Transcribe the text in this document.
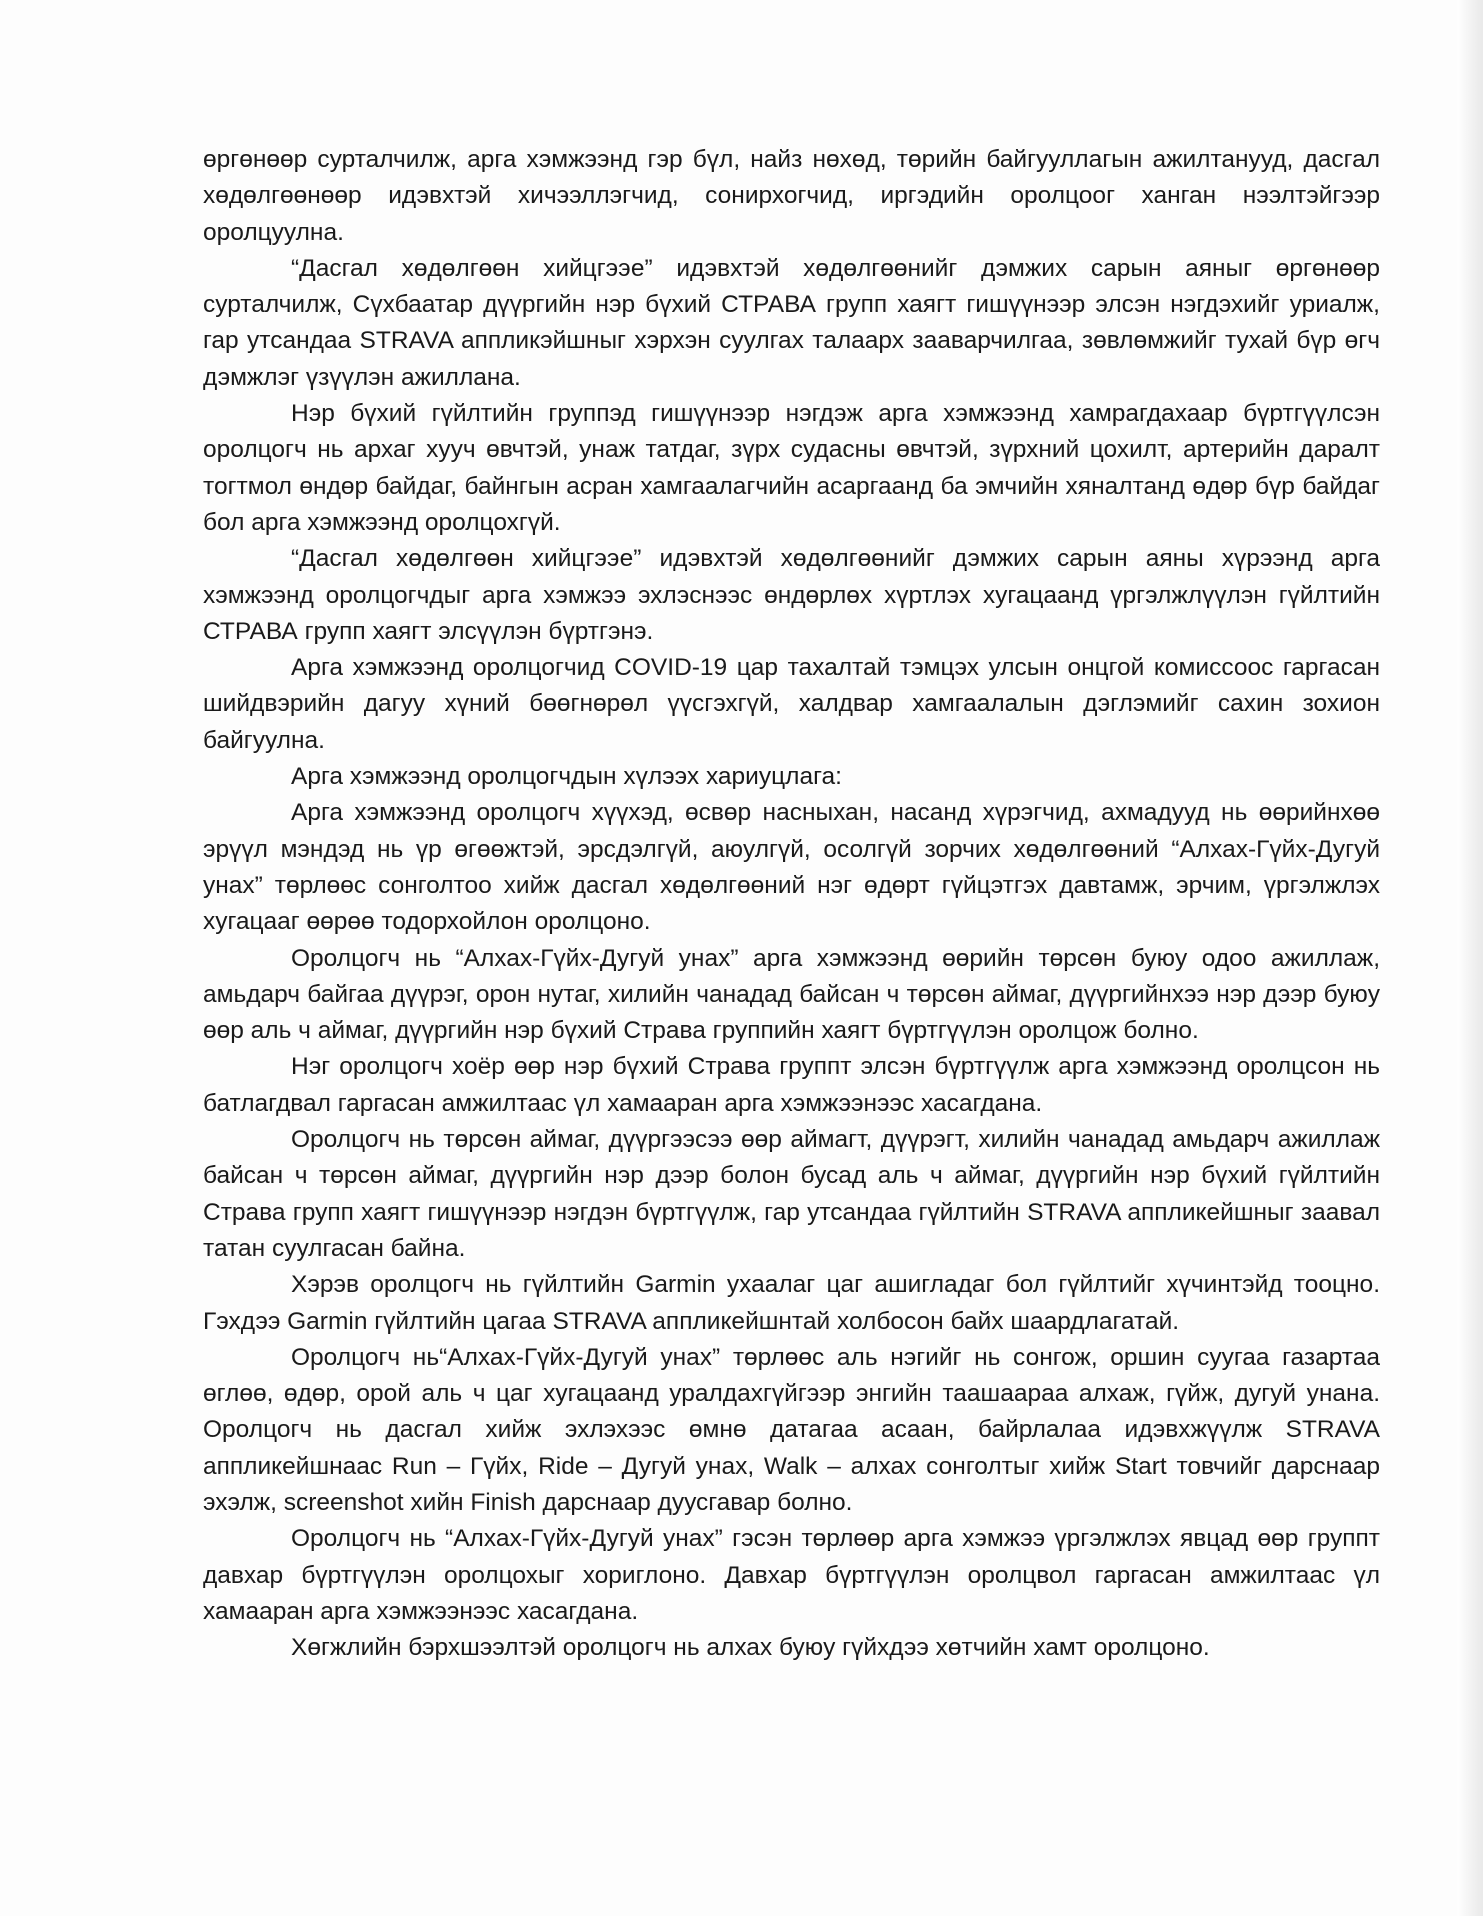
өргөнөөр сурталчилж, арга хэмжээнд гэр бүл, найз нөхөд, төрийн байгууллагын ажилтанууд, дасгал хөдөлгөөнөөр идэвхтэй хичээллэгчид, сонирхогчид, иргэдийн оролцоог ханган нээлтэйгээр оролцуулна.

“Дасгал хөдөлгөөн хийцгээе” идэвхтэй хөдөлгөөнийг дэмжих сарын аяныг өргөнөөр сурталчилж, Сүхбаатар дүүргийн нэр бүхий СТРАВА групп хаягт гишүүнээр элсэн нэгдэхийг уриалж, гар утсандаа STRAVA аппликэйшныг хэрхэн суулгах талаарх зааварчилгаа, зөвлөмжийг тухай бүр өгч дэмжлэг үзүүлэн ажиллана.

Нэр бүхий гүйлтийн группэд гишүүнээр нэгдэж арга хэмжээнд хамрагдахаар бүртгүүлсэн оролцогч нь архаг хууч өвчтэй, унаж татдаг, зүрх судасны өвчтэй, зүрхний цохилт, артерийн даралт тогтмол өндөр байдаг, байнгын асран хамгаалагчийн асаргаанд ба эмчийн хяналтанд өдөр бүр байдаг бол арга хэмжээнд оролцохгүй.

“Дасгал хөдөлгөөн хийцгээе” идэвхтэй хөдөлгөөнийг дэмжих сарын аяны хүрээнд арга хэмжээнд оролцогчдыг арга хэмжээ эхлэснээс өндөрлөх хүртлэх хугацаанд үргэлжлүүлэн гүйлтийн СТРАВА групп хаягт элсүүлэн бүртгэнэ.

Арга хэмжээнд оролцогчид COVID-19 цар тахалтай тэмцэх улсын онцгой комиссоос гаргасан шийдвэрийн дагуу хүний бөөгнөрөл үүсгэхгүй, халдвар хамгаалалын дэглэмийг сахин зохион байгуулна.

Арга хэмжээнд оролцогчдын хүлээх хариуцлага:

Арга хэмжээнд оролцогч хүүхэд, өсвөр насныхан, насанд хүрэгчид, ахмадууд нь өөрийнхөө эрүүл мэндэд нь үр өгөөжтэй, эрсдэлгүй, аюулгүй, осолгүй зорчих хөдөлгөөний “Алхах-Гүйх-Дугуй унах” төрлөөс сонголтоо хийж дасгал хөдөлгөөний нэг өдөрт гүйцэтгэх давтамж, эрчим, үргэлжлэх хугацааг өөрөө тодорхойлон оролцоно.

Оролцогч нь “Алхах-Гүйх-Дугуй унах” арга хэмжээнд өөрийн төрсөн буюу одоо ажиллаж, амьдарч байгаа дүүрэг, орон нутаг, хилийн чанадад байсан ч төрсөн аймаг, дүүргийнхээ нэр дээр буюу өөр аль ч аймаг, дүүргийн нэр бүхий Страва группийн хаягт бүртгүүлэн оролцож болно.

Нэг оролцогч хоёр өөр нэр бүхий Страва группт элсэн бүртгүүлж арга хэмжээнд оролцсон нь батлагдвал гаргасан амжилтаас үл хамааран арга хэмжээнээс хасагдана.

Оролцогч нь төрсөн аймаг, дүүргээсээ өөр аймагт, дүүрэгт, хилийн чанадад амьдарч ажиллаж байсан ч төрсөн аймаг, дүүргийн нэр дээр болон бусад аль ч аймаг, дүүргийн нэр бүхий гүйлтийн Страва групп хаягт гишүүнээр нэгдэн бүртгүүлж, гар утсандаа гүйлтийн STRAVA аппликейшныг заавал татан суулгасан байна.

Хэрэв оролцогч нь гүйлтийн Garmin ухаалаг цаг ашигладаг бол гүйлтийг хүчинтэйд тооцно. Гэхдээ Garmin гүйлтийн цагаа STRAVA аппликейшнтай холбосон байх шаардлагатай.

Оролцогч нь“Алхах-Гүйх-Дугуй унах” төрлөөс аль нэгийг нь сонгож, оршин суугаа газартаа өглөө, өдөр, орой аль ч цаг хугацаанд уралдахгүйгээр энгийн таашаараа алхаж, гүйж, дугуй унана. Оролцогч нь дасгал хийж эхлэхээс өмнө датагаа асаан, байрлалаа идэвхжүүлж STRAVA аппликейшнаас Run – Гүйх, Ride – Дугуй унах, Walk – алхах сонголтыг хийж Start товчийг дарснаар эхэлж, screenshot хийн Finish дарснаар дуусгавар болно.

Оролцогч нь “Алхах-Гүйх-Дугуй унах” гэсэн төрлөөр арга хэмжээ үргэлжлэх явцад өөр группт давхар бүртгүүлэн оролцохыг хориглоно. Давхар бүртгүүлэн оролцвол гаргасан амжилтаас үл хамааран арга хэмжээнээс хасагдана.

Хөгжлийн бэрхшээлтэй оролцогч нь алхах буюу гүйхдээ хөтчийн хамт оролцоно.
